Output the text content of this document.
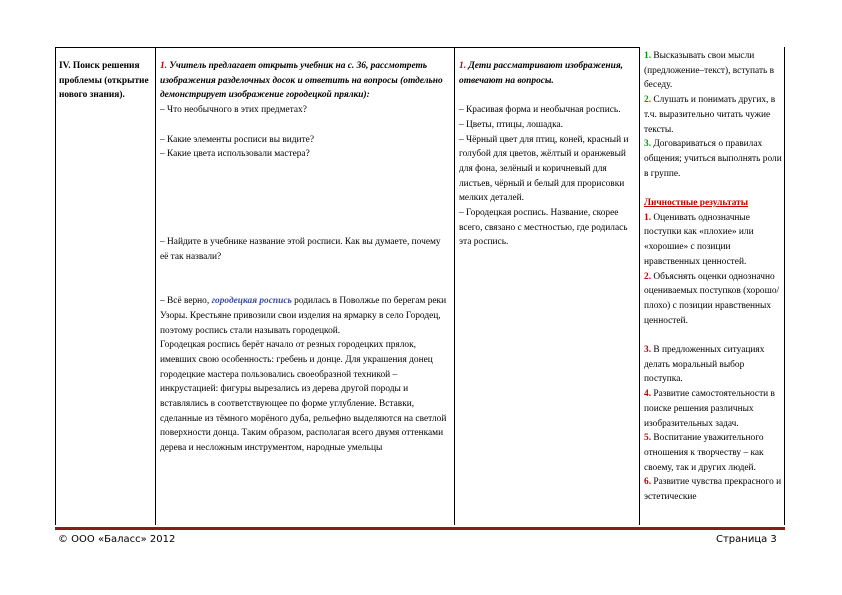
IV. Поиск решения проблемы (открытие нового знания).

1. Учитель предлагает открыть учебник на с. 36, рассмотреть изображения разделочных досок и ответить на вопросы (отдельно демонстрирует изображение городецкой прялки):

– Что необычного в этих предметах?

– Какие элементы росписи вы видите?

– Какие цвета использовали мастера?

– Найдите в учебнике название этой росписи. Как вы думаете, почему её так назвали?

– Всё верно, городецкая роспись родилась в Поволжье по берегам реки Узоры. Крестьяне привозили свои изделия на ярмарку в село Городец, поэтому роспись стали называть городецкой.

Городецкая роспись берёт начало от резных городецких прялок, имевших свою особенность: гребень и донце. Для украшения донец городецкие мастера пользовались своеобразной техникой – инкрустацией: фигуры вырезались из дерева другой породы и вставлялись в соответствующее по форме углубление. Вставки, сделанные из тёмного морёного дуба, рельефно выделяются на светлой поверхности донца. Таким образом, располагая всего двумя оттенками дерева и несложным инструментом, народные умельцы

1. Дети рассматривают изображения, отвечают на вопросы.

– Красивая форма и необычная роспись.

– Цветы, птицы, лошадка.

– Чёрный цвет для птиц, коней, красный и голубой для цветов, жёлтый и оранжевый для фона, зелёный и коричневый для листьев, чёрный и белый для прорисовки мелких деталей.

– Городецкая роспись. Название, скорее всего, связано с местностью, где родилась эта роспись.

1. Высказывать свои мысли (предложение–текст), вступать в беседу.

2. Слушать и понимать других, в т.ч. выразительно читать чужие тексты.

3. Договариваться о правилах общения; учиться выполнять роли в группе.

Личностные результаты

1. Оценивать однозначные поступки как «плохие» или «хорошие» с позиции нравственных ценностей.

2. Объяснять оценки однозначно оцениваемых поступков (хорошо/плохо) с позиции нравственных ценностей.

3. В предложенных ситуациях делать моральный выбор поступка.

4. Развитие самостоятельности в поиске решения различных изобразительных задач.

5. Воспитание уважительного отношения к творчеству – как своему, так и других людей.

6. Развитие чувства прекрасного и эстетические

© ООО «Баласс» 2012	Страница 3
